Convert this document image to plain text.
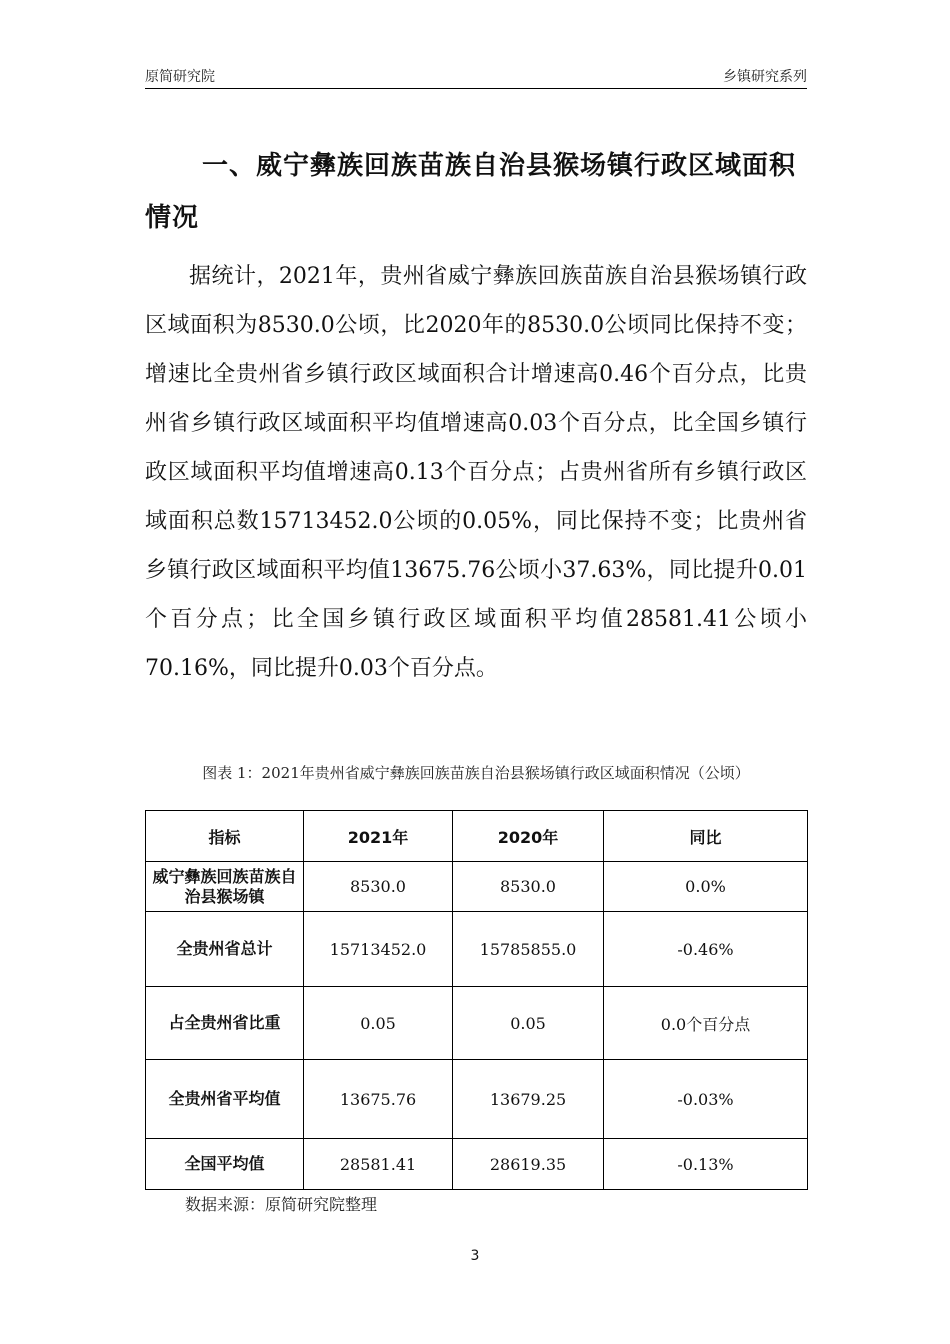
原简研究院	乡镇研究系列
一、威宁彝族回族苗族自治县猴场镇行政区域面积情况
据统计，2021年，贵州省威宁彝族回族苗族自治县猴场镇行政区域面积为8530.0公顷，比2020年的8530.0公顷同比保持不变；增速比全贵州省乡镇行政区域面积合计增速高0.46个百分点，比贵州省乡镇行政区域面积平均值增速高0.03个百分点，比全国乡镇行政区域面积平均值增速高0.13个百分点；占贵州省所有乡镇行政区域面积总数15713452.0公顷的0.05%，同比保持不变；比贵州省乡镇行政区域面积平均值13675.76公顷小37.63%，同比提升0.01个百分点；比全国乡镇行政区域面积平均值28581.41公顷小70.16%，同比提升0.03个百分点。
图表 1：2021年贵州省威宁彝族回族苗族自治县猴场镇行政区域面积情况（公顷）
指标	2021年	2020年	同比
威宁彝族回族苗族自治县猴场镇	8530.0	8530.0	0.0%
全贵州省总计	15713452.0	15785855.0	-0.46%
占全贵州省比重	0.05	0.05	0.0个百分点
全贵州省平均值	13675.76	13679.25	-0.03%
全国平均值	28581.41	28619.35	-0.13%
数据来源：原简研究院整理
3
